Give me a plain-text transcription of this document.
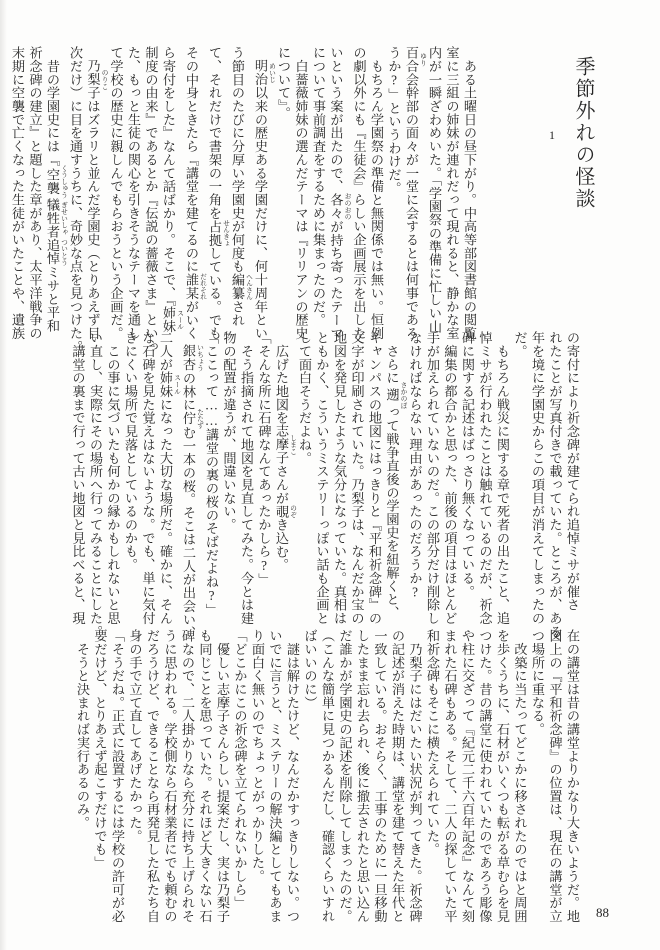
季節外れの怪談
1
　ある土曜日の昼下がり。中高等部図書館の閲覧
室に三組の姉妹が連れだって現れると、静かな室
内が一瞬ざわめいた。「学園祭の準備に忙しい山
百合 ゆり会幹部の面々が一堂に会するとは何事であろ
うか?」というわけだ。
　もちろん学園祭の準備と無関係では無い。恒例
の劇以外にも『生徒会』らしい企画展示を出した
いという案が出たので、各々 おのおのが持ち寄ったテーマ
について事前調査をするために集まったのだ。
　白薔薇姉妹の選んだテーマは『リリアンの歴史
について』。
　明治 めいじ以来の歴史ある学園だけに、何十周年とい
う節目のたびに分厚い学園史が何度も編纂 へんさんされ
て、それだけで書架の一角を占拠 せんきょしている。でも
その中身ときたら『講堂を建てるのに誰某 だれそれがいく
ら寄付をした』なんて話ばかり。そこで、『姉妹 スール
制度の由来』であるとか『伝説の薔薇さま』といっ
た、もっと生徒の関心を引きそうなテーマを通し
て学校の歴史に親しんでもらおうという企画だ。
　乃梨子 のりこはズラリと並んだ学園史（とりあえず目
次だけ）に目を通すうちに、奇妙な点を見つけた。
　昔の学園史には『空襲 くうしゅう犠牲者 ぎせいしゃ追悼 ついとうミサと平和
祈念碑の建立』と題した章があり、太平洋戦争の
末期に空襲で亡くなった生徒がいたことや、遺族
の寄付により祈念碑が建てられ追悼ミサが催さ
れたことが写真付きで載っていた。ところが、ある
年を境に学園史からこの項目が消えてしまったの
だ。
　もちろん戦災に関する章で死者の出たこと、追
悼ミサが行われたことは触れているのだが、祈念
碑に関する記述はばっさり無くなっている。
　編集の都合かと思った、前後の項目はほとんど
手が加えられていないのだ。この部分だけ削除し
なければならない理由があったのだろうか?
　さらに遡 さかのぼって戦争直後の学園史を紐解くと、
キャンパスの地図にはっきりと『平和祈念碑』の
文字が印刷されていた。乃梨子は、なんだか宝の
地図を発見したような気分になっていた。真相は
ともかく、こういうミステリーっぽい話も企画と
して面白そうだよね。
　広げた地図を志摩子 しまこさんが覗 のぞき込む。
「そんな所に石碑なんてあったかしら?」
　そう指摘されて地図を見直してみた。今とは建
物の配置が違うが、間違いない。
「ここって……講堂の裏の桜のそばだよね?」
　銀杏 いちょうの林に佇 たたずむ一本の桜。そこは二人が出会い、
二人が姉妹 スールになった大切な場所だ。確かに、そん
な石碑を見た覚えはないような。でも、単に気付
きにくい場所で見落としているのかも。
　この事に気づいたも何かの縁かもしれないと思
い直し、実際にその場所へ行ってみることにした。
　講堂の裏まで行って古い地図と見比べると、現
在の講堂は昔の講堂よりかなり大きいようだ。地
図上の『平和祈念碑』の位置は、現在の講堂が立
つ場所に重なる。
　改築に当たってどこかに移されたのではと周囲
を歩くうちに、石材がいくつも転がる草むらを見
つけた。昔の講堂に使われていたのであろう彫像
や柱に交ざって『紀元二千六百年記念』なんて刻
まれた石碑もある。そして、二人の探していた平
和祈念碑もそこに横たえられていた。
　乃梨子にはだいたい状況が判ってきた。祈念碑
の記述が消えた時期は、講堂を建て替えた年代と
一致している。おそらく、工事のために一旦移動
したまま忘れ去られ、後に撤去されたと思い込ん
だ誰かが学園史の記述を削除してしまったのだ。
（こんな簡単に見つかるんだし、確認くらいすれ
ばいいのに）
　謎は解けたけど、なんだかすっきりしない。つ
いでに言うと、ミステリーの解決編としてもあま
り面白く無いのでちょっとがっかりした。
「どこかにこの祈念碑を立てられないかしら」
　優しい志摩子さんらしい提案だし、実は乃梨子
も同じことを思っていた。それほど大きくない石
碑なので、二人掛かりなら充分に持ち上げられそ
うに思われる。学校側なら石材業者にでも頼むの
だろうけど、できることなら再発見した私たち自
身の手で立て直してあげたかった。
「そうだね。正式に設置するには学校の許可が必
要だけど、とりあえず起こすだけでも」
　そうと決まれば実行あるのみ。
88
